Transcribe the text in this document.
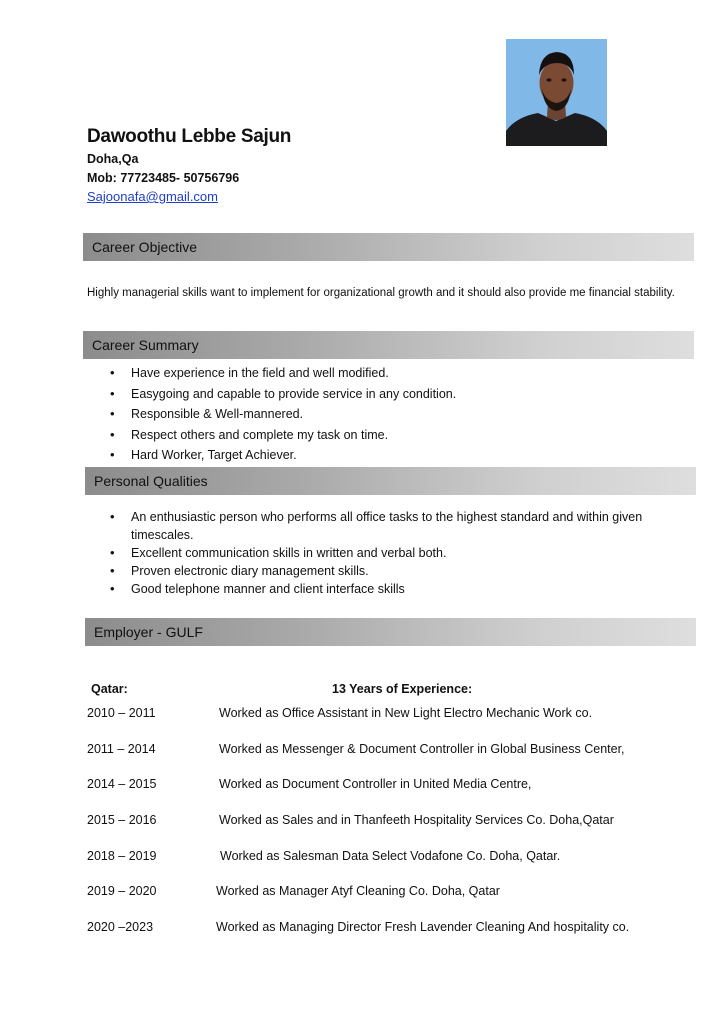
Dawoothu Lebbe Sajun
Doha,Qa
Mob: 77723485- 50756796
Sajoonafa@gmail.com
Career Objective
Highly managerial skills want to implement for organizational growth and it should also provide me financial stability.
Career Summary
• Have experience in the field and well modified.
• Easygoing and capable to provide service in any condition.
• Responsible & Well-mannered.
• Respect others and complete my task on time.
• Hard Worker, Target Achiever.
Personal Qualities
• An enthusiastic person who performs all office tasks to the highest standard and within given timescales.
• Excellent communication skills in written and verbal both.
• Proven electronic diary management skills.
• Good telephone manner and client interface skills
Employer - GULF
Qatar:	13 Years of Experience:
2010 – 2011	Worked as Office Assistant in New Light Electro Mechanic Work co.
2011 – 2014	Worked as Messenger & Document Controller in Global Business Center,
2014 – 2015	Worked as Document Controller in United Media Centre,
2015 – 2016	Worked as Sales and in Thanfeeth Hospitality Services Co. Doha,Qatar
2018 – 2019	Worked as Salesman Data Select Vodafone Co. Doha, Qatar.
2019 – 2020	Worked as Manager Atyf Cleaning Co. Doha, Qatar
2020 –2023	Worked as Managing Director Fresh Lavender Cleaning And hospitality co.
